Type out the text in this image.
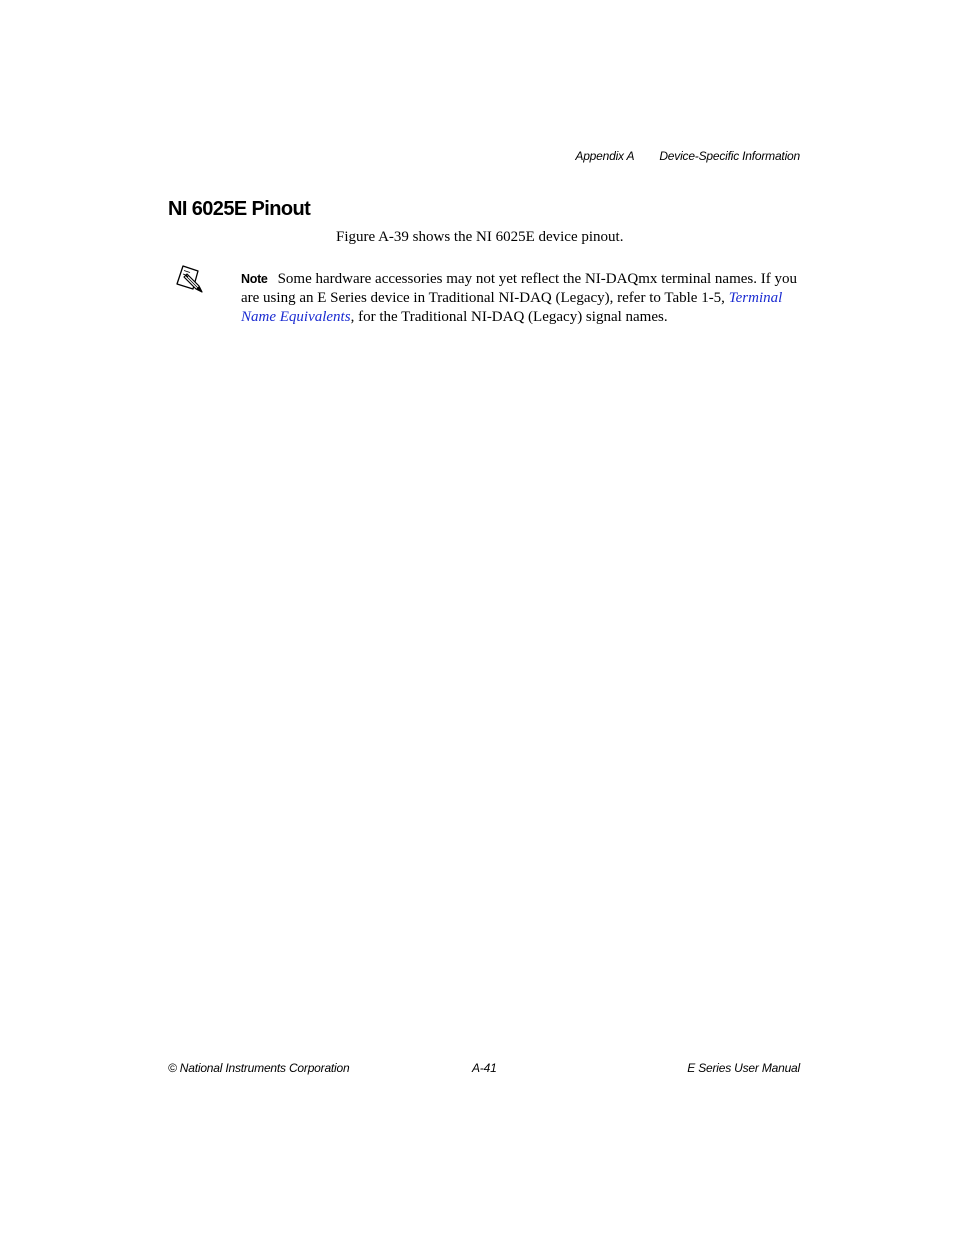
Appendix A Device-Specific Information
NI 6025E Pinout

Figure A-39 shows the NI 6025E device pinout.

Note Some hardware accessories may not yet reflect the NI-DAQmx terminal names. If you are using an E Series device in Traditional NI-DAQ (Legacy), refer to Table 1-5, Terminal Name Equivalents, for the Traditional NI-DAQ (Legacy) signal names.

© National Instruments Corporation	A-41	E Series User Manual
